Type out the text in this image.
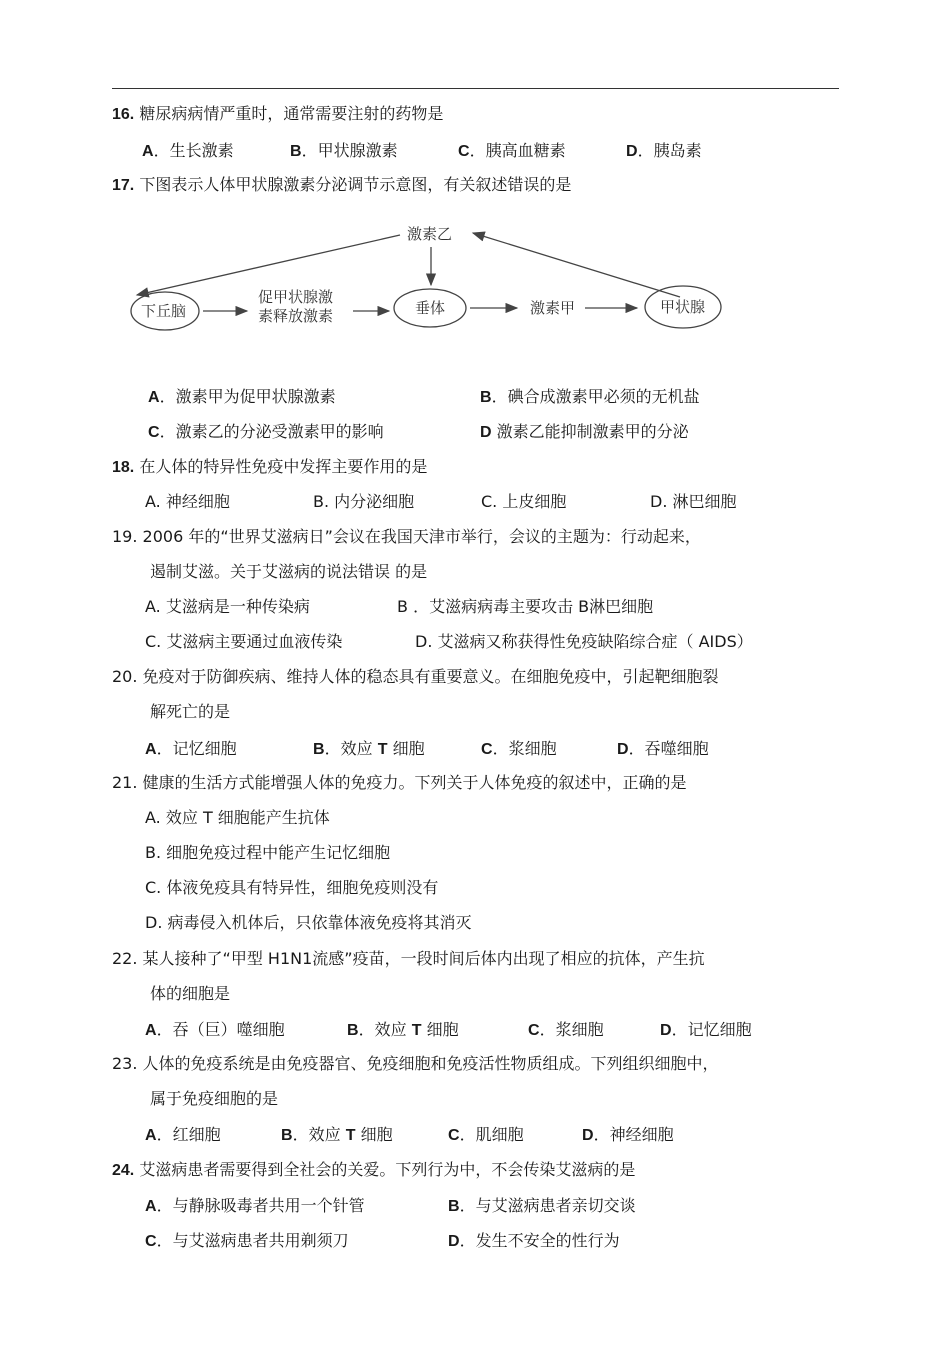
16. 糖尿病病情严重时，通常需要注射的药物是
A．生长激素	B．甲状腺激素	C．胰高血糖素	D．胰岛素
17. 下图表示人体甲状腺激素分泌调节示意图，有关叙述错误的是
激素乙
下丘脑
促甲状腺激
素释放激素	垂体	激素甲	甲状腺
A．激素甲为促甲状腺激素	B．碘合成激素甲必须的无机盐
C．激素乙的分泌受激素甲的影响	D 激素乙能抑制激素甲的分泌
18. 在人体的特异性免疫中发挥主要作用的是
A. 神经细胞	B. 内分泌细胞	C. 上皮细胞	D. 淋巴细胞
19. 2006 年的“世界艾滋病日”会议在我国天津市举行，会议的主题为：行动起来，
遏制艾滋。关于艾滋病的说法错误 的是
A. 艾滋病是一种传染病	B ．艾滋病病毒主要攻击 B淋巴细胞
C. 艾滋病主要通过血液传染	D. 艾滋病又称获得性免疫缺陷综合症（ AIDS）
20. 免疫对于防御疾病、维持人体的稳态具有重要意义。在细胞免疫中，引起靶细胞裂
解死亡的是
A．记忆细胞	B．效应 T 细胞	C．浆细胞	D．吞噬细胞
21. 健康的生活方式能增强人体的免疫力。下列关于人体免疫的叙述中，正确的是
A. 效应 T 细胞能产生抗体
B. 细胞免疫过程中能产生记忆细胞
C. 体液免疫具有特异性，细胞免疫则没有
D. 病毒侵入机体后，只依靠体液免疫将其消灭
22. 某人接种了“甲型 H1N1流感”疫苗，一段时间后体内出现了相应的抗体，产生抗
体的细胞是
A．吞（巨）噬细胞	B．效应 T 细胞	C．浆细胞	D．记忆细胞
23. 人体的免疫系统是由免疫器官、免疫细胞和免疫活性物质组成。下列组织细胞中，
属于免疫细胞的是
A．红细胞	B．效应 T 细胞	C．肌细胞	D．神经细胞
24. 艾滋病患者需要得到全社会的关爱。下列行为中，不会传染艾滋病的是
A．与静脉吸毒者共用一个针管	B．与艾滋病患者亲切交谈
C．与艾滋病患者共用剃须刀	D．发生不安全的性行为
